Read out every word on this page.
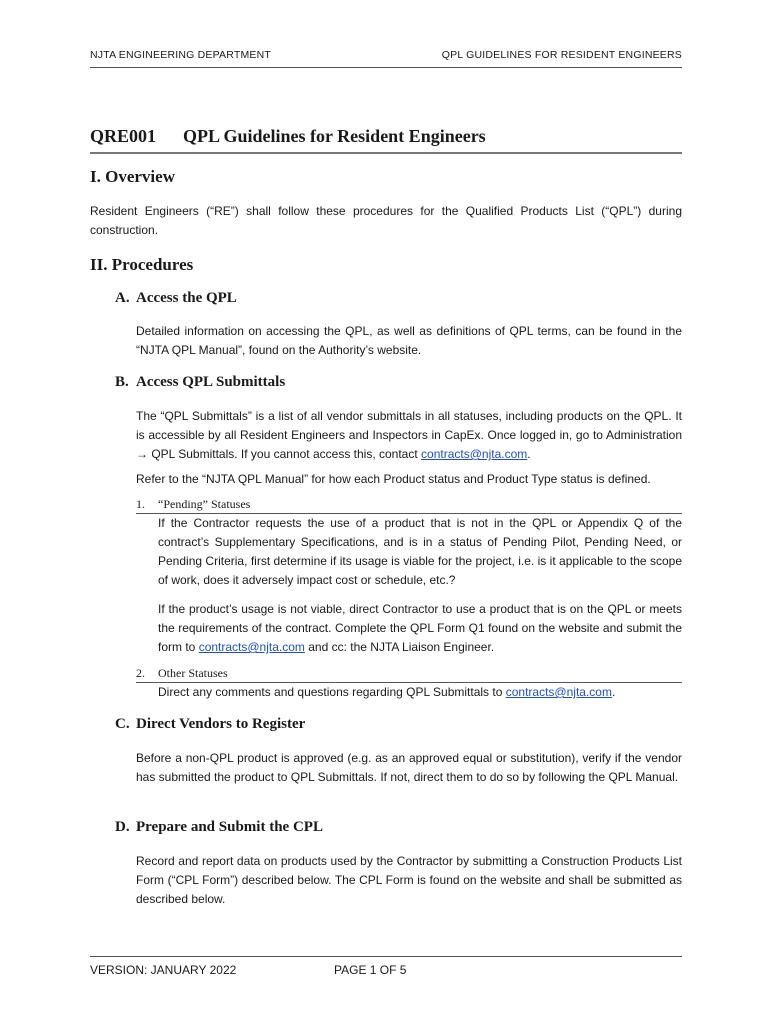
NJTA ENGINEERING DEPARTMENT	QPL GUIDELINES FOR RESIDENT ENGINEERS
QRE001 QPL Guidelines for Resident Engineers
I. Overview
Resident Engineers (“RE”) shall follow these procedures for the Qualified Products List (“QPL”) during construction.
II. Procedures
A. Access the QPL
Detailed information on accessing the QPL, as well as definitions of QPL terms, can be found in the “NJTA QPL Manual”, found on the Authority’s website.
B. Access QPL Submittals
The “QPL Submittals” is a list of all vendor submittals in all statuses, including products on the QPL. It is accessible by all Resident Engineers and Inspectors in CapEx. Once logged in, go to Administration → QPL Submittals. If you cannot access this, contact contracts@njta.com.
Refer to the “NJTA QPL Manual” for how each Product status and Product Type status is defined.
1. “Pending” Statuses
If the Contractor requests the use of a product that is not in the QPL or Appendix Q of the contract’s Supplementary Specifications, and is in a status of Pending Pilot, Pending Need, or Pending Criteria, first determine if its usage is viable for the project, i.e. is it applicable to the scope of work, does it adversely impact cost or schedule, etc.?
If the product’s usage is not viable, direct Contractor to use a product that is on the QPL or meets the requirements of the contract. Complete the QPL Form Q1 found on the website and submit the form to contracts@njta.com and cc: the NJTA Liaison Engineer.
2. Other Statuses
Direct any comments and questions regarding QPL Submittals to contracts@njta.com.
C. Direct Vendors to Register
Before a non-QPL product is approved (e.g. as an approved equal or substitution), verify if the vendor has submitted the product to QPL Submittals. If not, direct them to do so by following the QPL Manual.
D. Prepare and Submit the CPL
Record and report data on products used by the Contractor by submitting a Construction Products List Form (“CPL Form”) described below. The CPL Form is found on the website and shall be submitted as described below.
VERSION: JANUARY 2022	PAGE 1 OF 5
